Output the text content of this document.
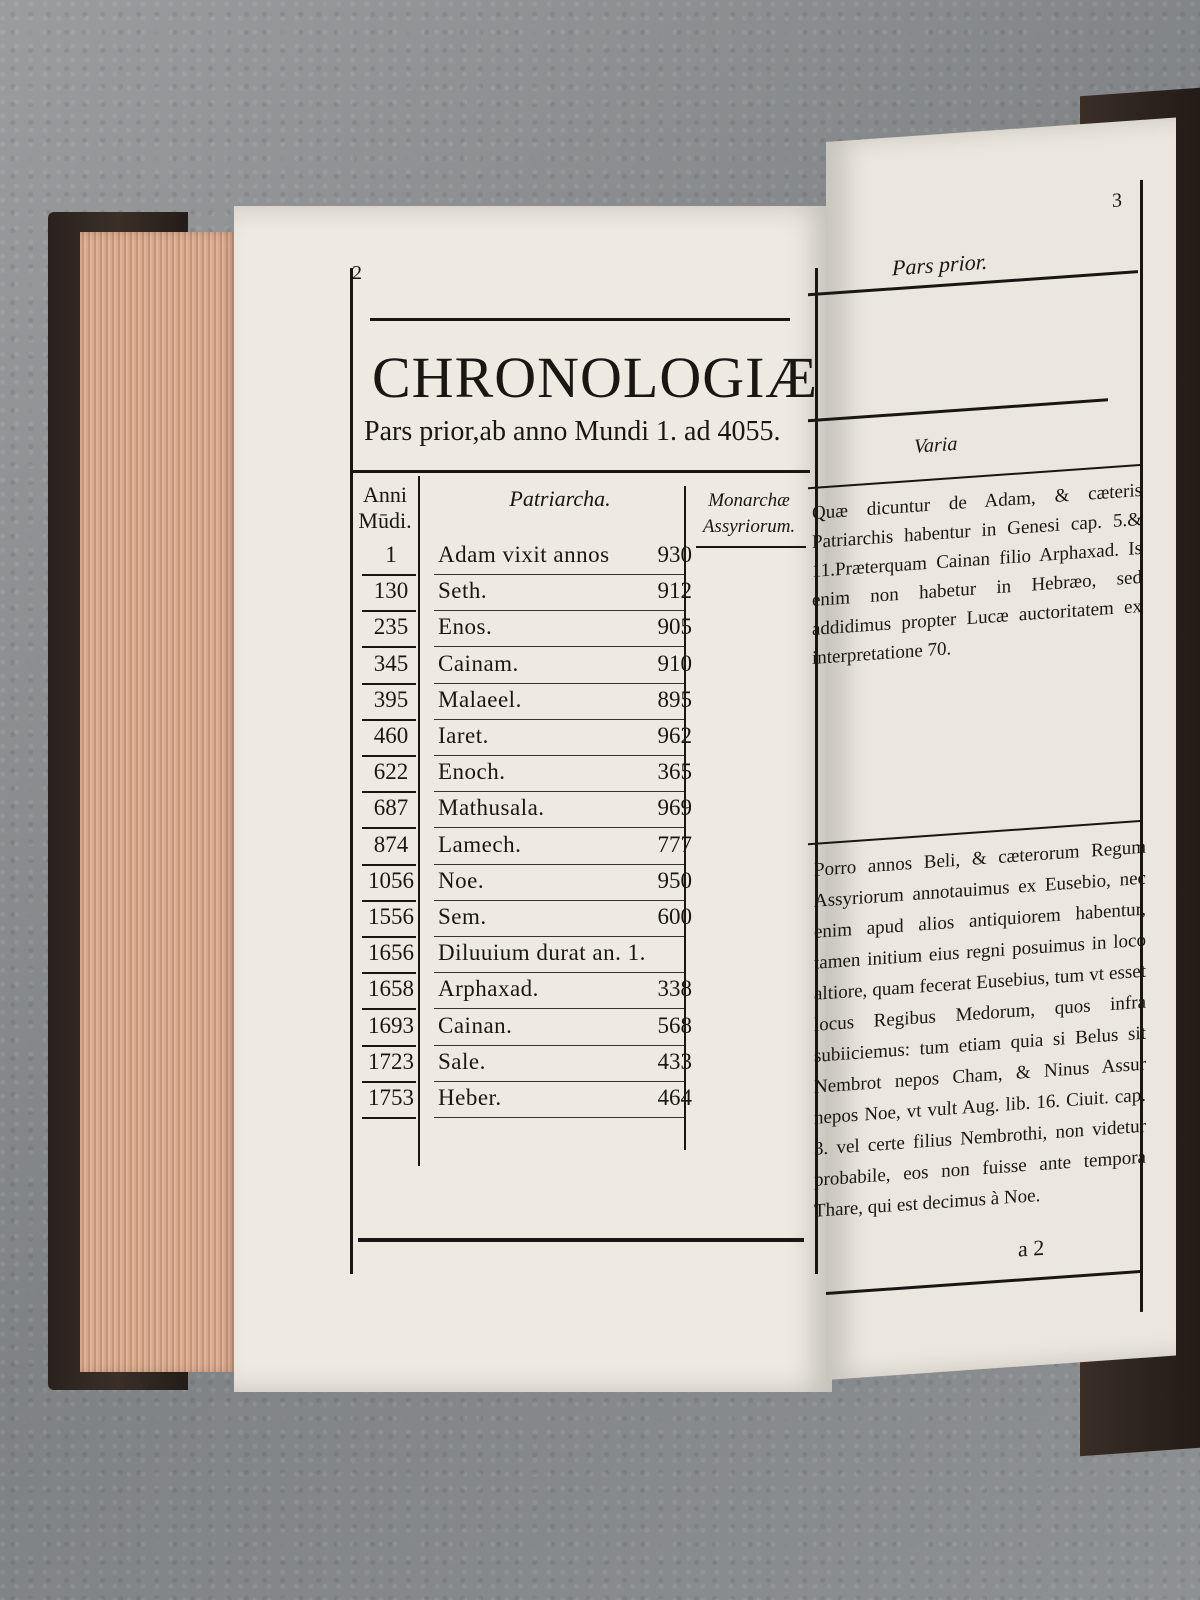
2
CHRONOLOGIÆ
Pars prior,ab anno Mundi 1. ad 4055.
Anni Mūdi.
Patriarcha.	Monarchæ Assyriorum.
1	Adam vixit annos 930
130	Seth.	912
235	Enos.	905
345	Cainam.	910
395	Malaeel.	895
460	Iaret.	962
622	Enoch.	365
687	Mathusala.	969
874	Lamech.	777
1056 Noe.	950
1556 Sem.	600
1656 Diluuium durat an. 1.
1658 Arphaxad.	338
1693 Cainan.	568
1723 Sale.	433
1753 Heber.	464
3
Pars prior.
Varia
Quæ dicuntur de Adam, & cæteris Patriarchis habentur in Genesi cap. 5.& 11.Præterquam Cainan filio Arphaxad. Is enim non habetur in Hebræo, sed addidimus propter Lucæ auctoritatem ex interpretatione 70.
Porro annos Beli, & cæterorum Regum Assyriorum annotauimus ex Eusebio, nec enim apud alios antiquiorem habentur, tamen initium eius regni posuimus in loco altiore, quam fecerat Eusebius, tum vt esset locus Regibus Medorum, quos infra subiiciemus: tum etiam quia si Belus sit Nembrot nepos Cham, & Ninus Assur nepos Noe, vt vult Aug. lib. 16. Ciuit. cap. 3. vel certe filius Nembrothi, non videtur probabile, eos non fuisse ante tempora Thare, qui est decimus à Noe.
a 2
